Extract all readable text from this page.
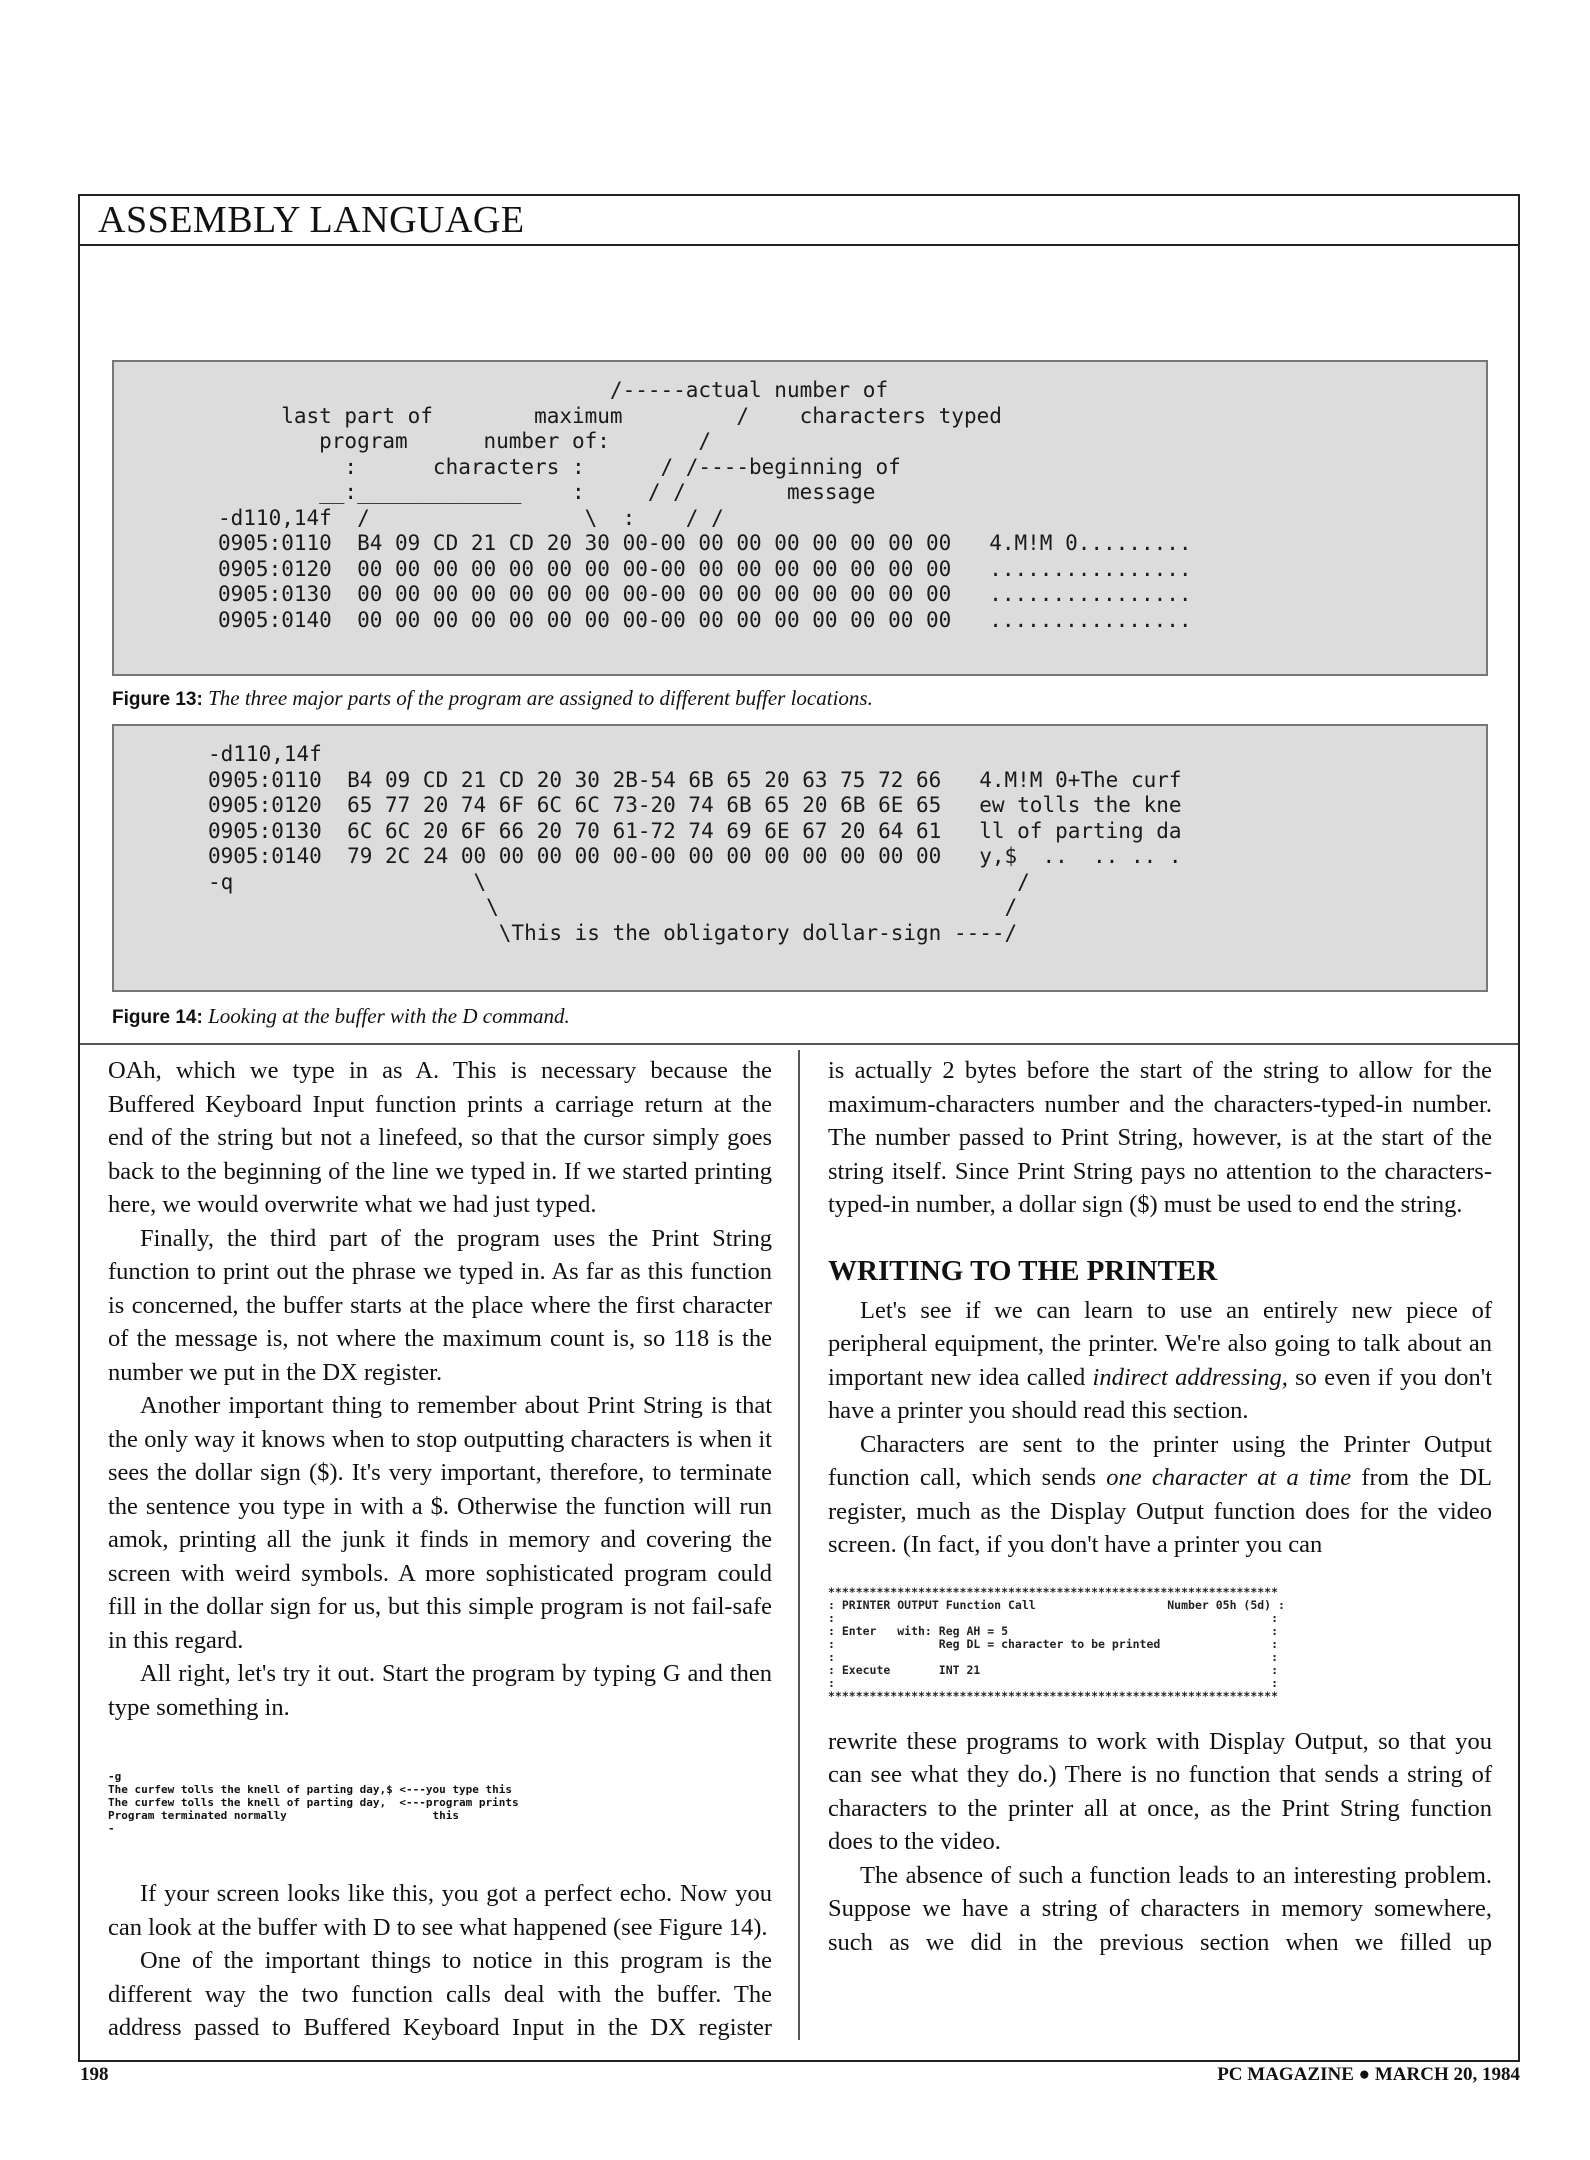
ASSEMBLY LANGUAGE
/-----actual number of
last part of        maximum         /    characters typed
program      number of:       /
:      characters :      / /----beginning of
__:_____________    :     / /        message
-d110,14f  /                 \  :    / /
0905:0110  B4 09 CD 21 CD 20 30 00-00 00 00 00 00 00 00 00   4.M!M 0.........
0905:0120  00 00 00 00 00 00 00 00-00 00 00 00 00 00 00 00   ................
0905:0130  00 00 00 00 00 00 00 00-00 00 00 00 00 00 00 00   ................
0905:0140  00 00 00 00 00 00 00 00-00 00 00 00 00 00 00 00   ................
Figure 13: The three major parts of the program are assigned to different buffer locations.
-d110,14f
0905:0110  B4 09 CD 21 CD 20 30 2B-54 6B 65 20 63 75 72 66   4.M!M 0+The curf
0905:0120  65 77 20 74 6F 6C 6C 73-20 74 6B 65 20 6B 6E 65   ew tolls the kne
0905:0130  6C 6C 20 6F 66 20 70 61-72 74 69 6E 67 20 64 61   ll of parting da
0905:0140  79 2C 24 00 00 00 00 00-00 00 00 00 00 00 00 00   y,$  ..  .. .. .
-q                   \                                          /
\                                        /
\This is the obligatory dollar-sign ----/
Figure 14: Looking at the buffer with the D command.

OAh, which we type in as A. This is necessary because the Buffered Keyboard Input function prints a carriage return at the end of the string but not a linefeed, so that the cursor simply goes back to the beginning of the line we typed in. If we started printing here, we would overwrite what we had just typed.

Finally, the third part of the program uses the Print String function to print out the phrase we typed in. As far as this function is concerned, the buffer starts at the place where the first character of the message is, not where the maximum count is, so 118 is the number we put in the DX register.

Another important thing to remember about Print String is that the only way it knows when to stop outputting characters is when it sees the dollar sign ($). It's very important, therefore, to terminate the sentence you type in with a $. Otherwise the function will run amok, printing all the junk it finds in memory and covering the screen with weird symbols. A more sophisticated program could fill in the dollar sign for us, but this simple program is not fail-safe in this regard.

All right, let's try it out. Start the program by typing G and then type something in.

-g
The curfew tolls the knell of parting day,$ <---you type this
The curfew tolls the knell of parting day,  <---program prints
Program terminated normally                      this
-

If your screen looks like this, you got a perfect echo. Now you can look at the buffer with D to see what happened (see Figure 14).

One of the important things to notice in this program is the different way the two function calls deal with the buffer. The address passed to Buffered Keyboard Input in the DX register

is actually 2 bytes before the start of the string to allow for the maximum-characters number and the characters-typed-in number. The number passed to Print String, however, is at the start of the string itself. Since Print String pays no attention to the characters-typed-in number, a dollar sign ($) must be used to end the string.

WRITING TO THE PRINTER

Let's see if we can learn to use an entirely new piece of peripheral equipment, the printer. We're also going to talk about an important new idea called indirect addressing, so even if you don't have a printer you should read this section.

Characters are sent to the printer using the Printer Output function call, which sends one character at a time from the DL register, much as the Display Output function does for the video screen. (In fact, if you don't have a printer you can

*****************************************************************
: PRINTER OUTPUT Function Call                   Number 05h (5d) :
:                                                               :
: Enter   with: Reg AH = 5                                      :
:               Reg DL = character to be printed                :
:                                                               :
: Execute       INT 21                                          :
:                                                               :
*****************************************************************

rewrite these programs to work with Display Output, so that you can see what they do.) There is no function that sends a string of characters to the printer all at once, as the Print String function does to the video.

The absence of such a function leads to an interesting problem. Suppose we have a string of characters in memory somewhere, such as we did in the previous section when we filled up

198	PC MAGAZINE ● MARCH 20, 1984
